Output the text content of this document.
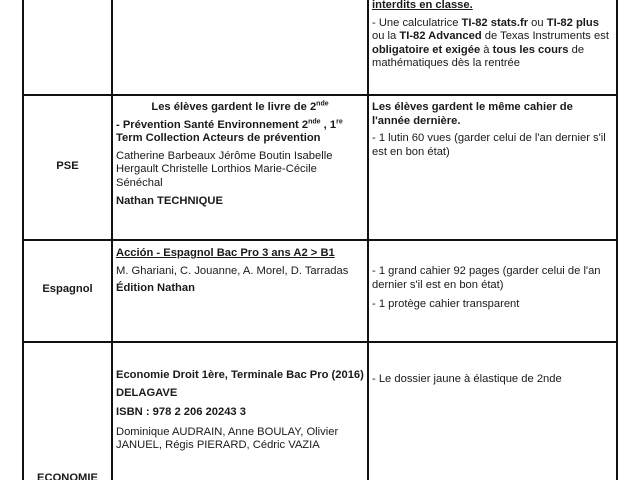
interdits en classe.

- Une calculatrice TI-82 stats.fr ou TI-82 plus ou la TI-82 Advanced de Texas Instruments est obligatoire et exigée à tous les cours de mathématiques dès la rentrée

PSE

Les élèves gardent le livre de 2nde

- Prévention Santé Environnement 2nde , 1re Term Collection Acteurs de prévention

Catherine Barbeaux Jérôme Boutin Isabelle Hergault Christelle Lorthios Marie-Cécile Sénéchal

Nathan TECHNIQUE

Les élèves gardent le même cahier de l'année dernière.

- 1 lutin 60 vues (garder celui de l'an dernier s'il est en bon état)

Espagnol

Acción - Espagnol Bac Pro 3 ans A2 > B1

M. Ghariani, C. Jouanne, A. Morel, D. Tarradas

Édition Nathan

- 1 grand cahier 92 pages (garder celui de l'an dernier s'il est en bon état)

- 1 protège cahier transparent

ECONOMIE

Economie Droit 1ère, Terminale Bac Pro (2016)

DELAGAVE

ISBN : 978 2 206 20243 3

Dominique AUDRAIN, Anne BOULAY, Olivier JANUEL, Régis PIERARD, Cédric VAZIA

- Le dossier jaune à élastique de 2nde
